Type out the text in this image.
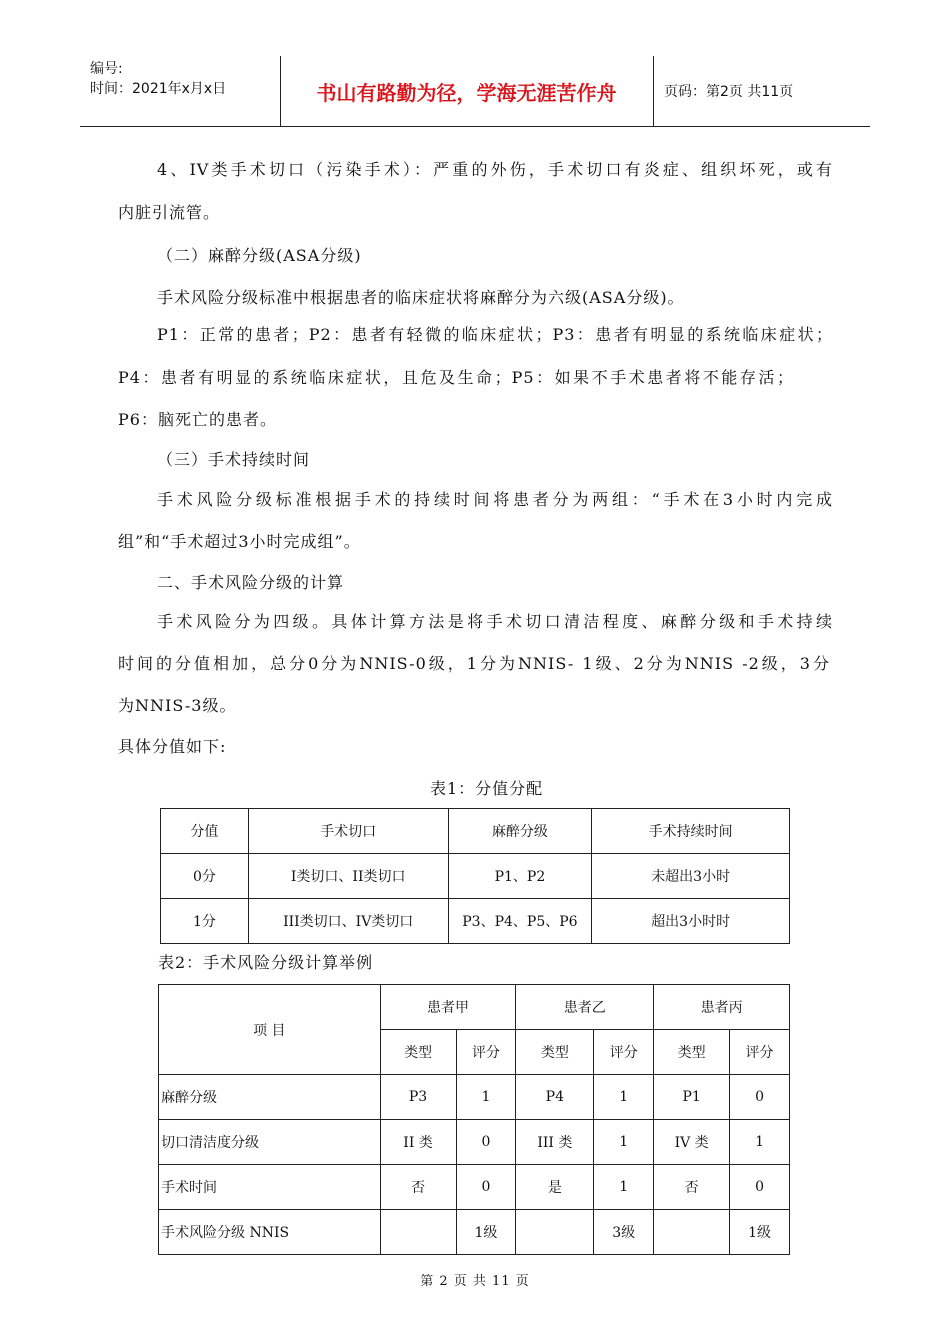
编号:
时间：2021年x月x日	书山有路勤为径，学海无涯苦作舟	页码：第2页 共11页
4、IV类手术切口（污染手术）：严重的外伤，手术切口有炎症、组织坏死，或有
内脏引流管。
（二）麻醉分级(ASA分级)
手术风险分级标准中根据患者的临床症状将麻醉分为六级(ASA分级)。
P1：正常的患者；P2：患者有轻微的临床症状；P3：患者有明显的系统临床症状；
P4：患者有明显的系统临床症状，且危及生命；P5：如果不手术患者将不能存活；
P6：脑死亡的患者。
（三）手术持续时间
手术风险分级标准根据手术的持续时间将患者分为两组：“手术在3小时内完成
组”和“手术超过3小时完成组”。
二、手术风险分级的计算
手术风险分为四级。具体计算方法是将手术切口清洁程度、麻醉分级和手术持续
时间的分值相加，总分0分为NNIS-0级，1分为NNIS- 1级、2分为NNIS -2级，3分
为NNIS-3级。
具体分值如下:
表1：分值分配
分值	手术切口	麻醉分级	手术持续时间
0分	I类切口、II类切口	P1、P2	未超出3小时
1分	III类切口、IV类切口	P3、P4、P5、P6	超出3小时时
表2：手术风险分级计算举例
项 目	患者甲		患者乙		患者丙	
	类型	评分	类型	评分	类型	评分
麻醉分级	P3	1	P4	1	P1	0
切口清洁度分级	II 类	0	III 类	1	IV 类	1
手术时间	否	0	是	1	否	0
手术风险分级 NNIS		1级		3级		1级
第 2 页 共 11 页
